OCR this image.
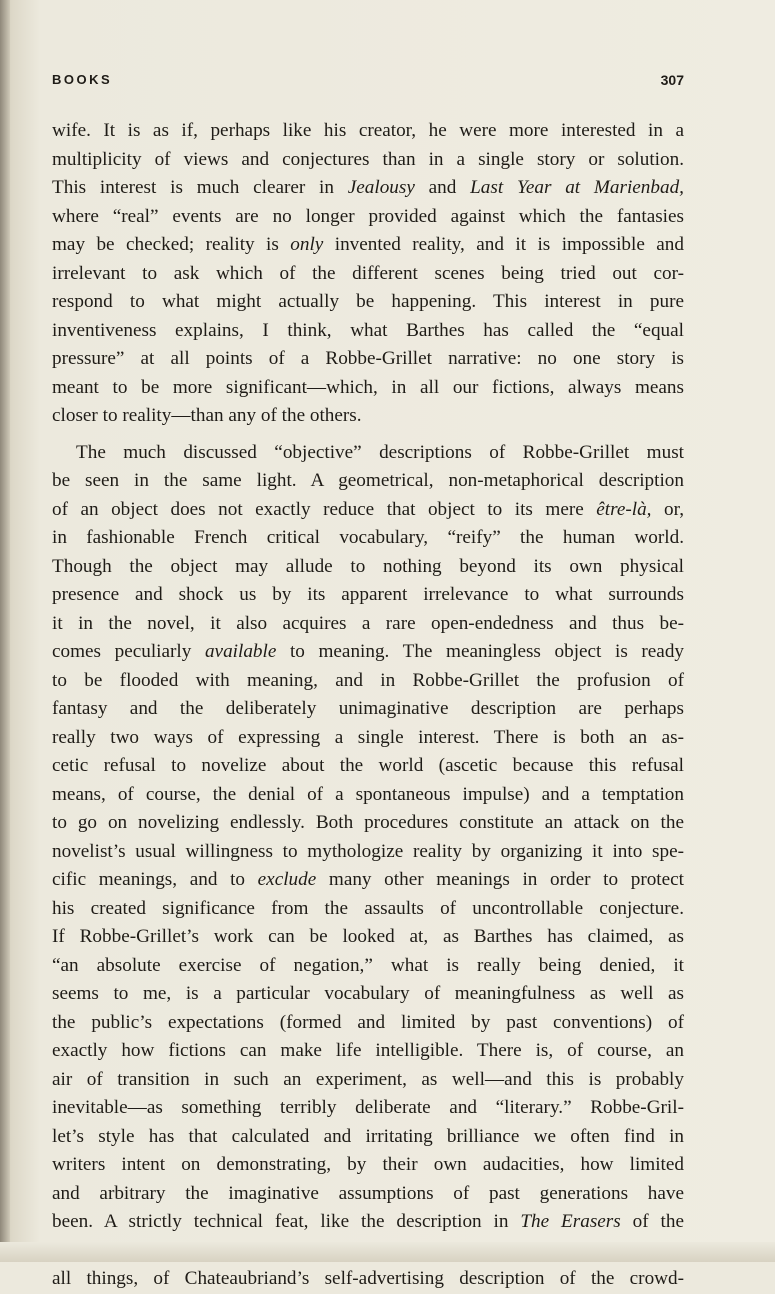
BOOKS	307
wife. It is as if, perhaps like his creator, he were more interested in a
multiplicity of views and conjectures than in a single story or solution.
This interest is much clearer in Jealousy and Last Year at Marienbad,
where “real” events are no longer provided against which the fantasies
may be checked; reality is only invented reality, and it is impossible and
irrelevant to ask which of the different scenes being tried out cor-
respond to what might actually be happening. This interest in pure
inventiveness explains, I think, what Barthes has called the “equal
pressure” at all points of a Robbe-Grillet narrative: no one story is
meant to be more significant—which, in all our fictions, always means
closer to reality—than any of the others.
The much discussed “objective” descriptions of Robbe-Grillet must
be seen in the same light. A geometrical, non-metaphorical description
of an object does not exactly reduce that object to its mere être-là, or,
in fashionable French critical vocabulary, “reify” the human world.
Though the object may allude to nothing beyond its own physical
presence and shock us by its apparent irrelevance to what surrounds
it in the novel, it also acquires a rare open-endedness and thus be-
comes peculiarly available to meaning. The meaningless object is ready
to be flooded with meaning, and in Robbe-Grillet the profusion of
fantasy and the deliberately unimaginative description are perhaps
really two ways of expressing a single interest. There is both an as-
cetic refusal to novelize about the world (ascetic because this refusal
means, of course, the denial of a spontaneous impulse) and a temptation
to go on novelizing endlessly. Both procedures constitute an attack on the
novelist’s usual willingness to mythologize reality by organizing it into spe-
cific meanings, and to exclude many other meanings in order to protect
his created significance from the assaults of uncontrollable conjecture.
If Robbe-Grillet’s work can be looked at, as Barthes has claimed, as
“an absolute exercise of negation,” what is really being denied, it
seems to me, is a particular vocabulary of meaningfulness as well as
the public’s expectations (formed and limited by past conventions) of
exactly how fictions can make life intelligible. There is, of course, an
air of transition in such an experiment, as well—and this is probably
inevitable—as something terribly deliberate and “literary.” Robbe-Gril-
let’s style has that calculated and irritating brilliance we often find in
writers intent on demonstrating, by their own audacities, how limited
and arbitrary the imaginative assumptions of past generations have
been. A strictly technical feat, like the description in The Erasers of the
all things, of Chateaubriand’s self-advertising description of the crowd-
